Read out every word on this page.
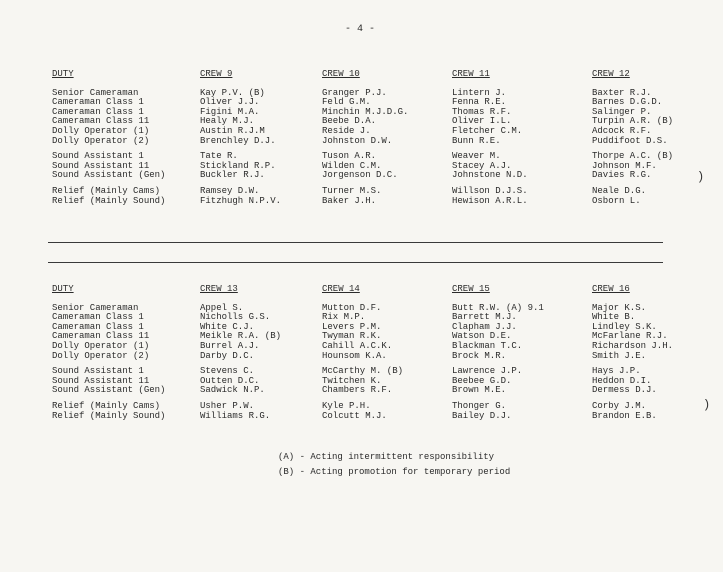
- 4 -
DUTY
Senior Cameraman
Cameraman Class 1
Cameraman Class 1
Cameraman Class 11
Dolly Operator (1)
Dolly Operator (2)
Sound Assistant 1
Sound Assistant 11
Sound Assistant (Gen)
Relief (Mainly Cams)
Relief (Mainly Sound)
CREW 9
Kay P.V. (B)
Oliver J.J.
Figini M.A.
Healy M.J.
Austin R.J.M
Brenchley D.J.
Tate R.
Stickland R.P.
Buckler R.J.
Ramsey D.W.
Fitzhugh N.P.V.
CREW 10
Granger P.J.
Feld G.M.
Minchin M.J.D.G.
Beebe D.A.
Reside J.
Johnston D.W.
Tuson A.R.
Wilden C.M.
Jorgenson D.C.
Turner M.S.
Baker J.H.
CREW 11
Lintern J.
Fenna R.E.
Thomas R.F.
Oliver I.L.
Fletcher C.M.
Bunn R.E.
Weaver M.
Stacey A.J.
Johnstone N.D.
Willson D.J.S.
Hewison A.R.L.
CREW 12
Baxter R.J.
Barnes D.G.D.
Salinger P.
Turpin A.R. (B)
Adcock R.F.
Puddifoot D.S.
Thorpe A.C. (B)
Johnson M.F.
Davies R.G.
Neale D.G.
Osborn L.
)
DUTY
Senior Cameraman
Cameraman Class 1
Cameraman Class 1
Cameraman Class 11
Dolly Operator (1)
Dolly Operator (2)
Sound Assistant 1
Sound Assistant 11
Sound Assistant (Gen)
Relief (Mainly Cams)
Relief (Mainly Sound)
CREW 13
Appel S.
Nicholls G.S.
White C.J.
Meikle R.A. (B)
Burrel A.J.
Darby D.C.
Stevens C.
Outten D.C.
Sadwick N.P.
Usher P.W.
Williams R.G.
CREW 14
Mutton D.F.
Rix M.P.
Levers P.M.
Twyman R.K.
Cahill A.C.K.
Hounsom K.A.
McCarthy M. (B)
Twitchen K.
Chambers R.F.
Kyle P.H.
Colcutt M.J.
CREW 15
Butt R.W. (A) 9.1
Barrett M.J.
Clapham J.J.
Watson D.E.
Blackman T.C.
Brock M.R.
Lawrence J.P.
Beebee G.D.
Brown M.E.
Thonger G.
Bailey D.J.
CREW 16
Major K.S.
White B.
Lindley S.K.
McFarlane R.J.
Richardson J.H.
Smith J.E.
Hays J.P.
Heddon D.I.
Dermess D.J.
Corby J.M.
Brandon E.B.
)
(A) - Acting intermittent responsibility
(B) - Acting promotion for temporary period
